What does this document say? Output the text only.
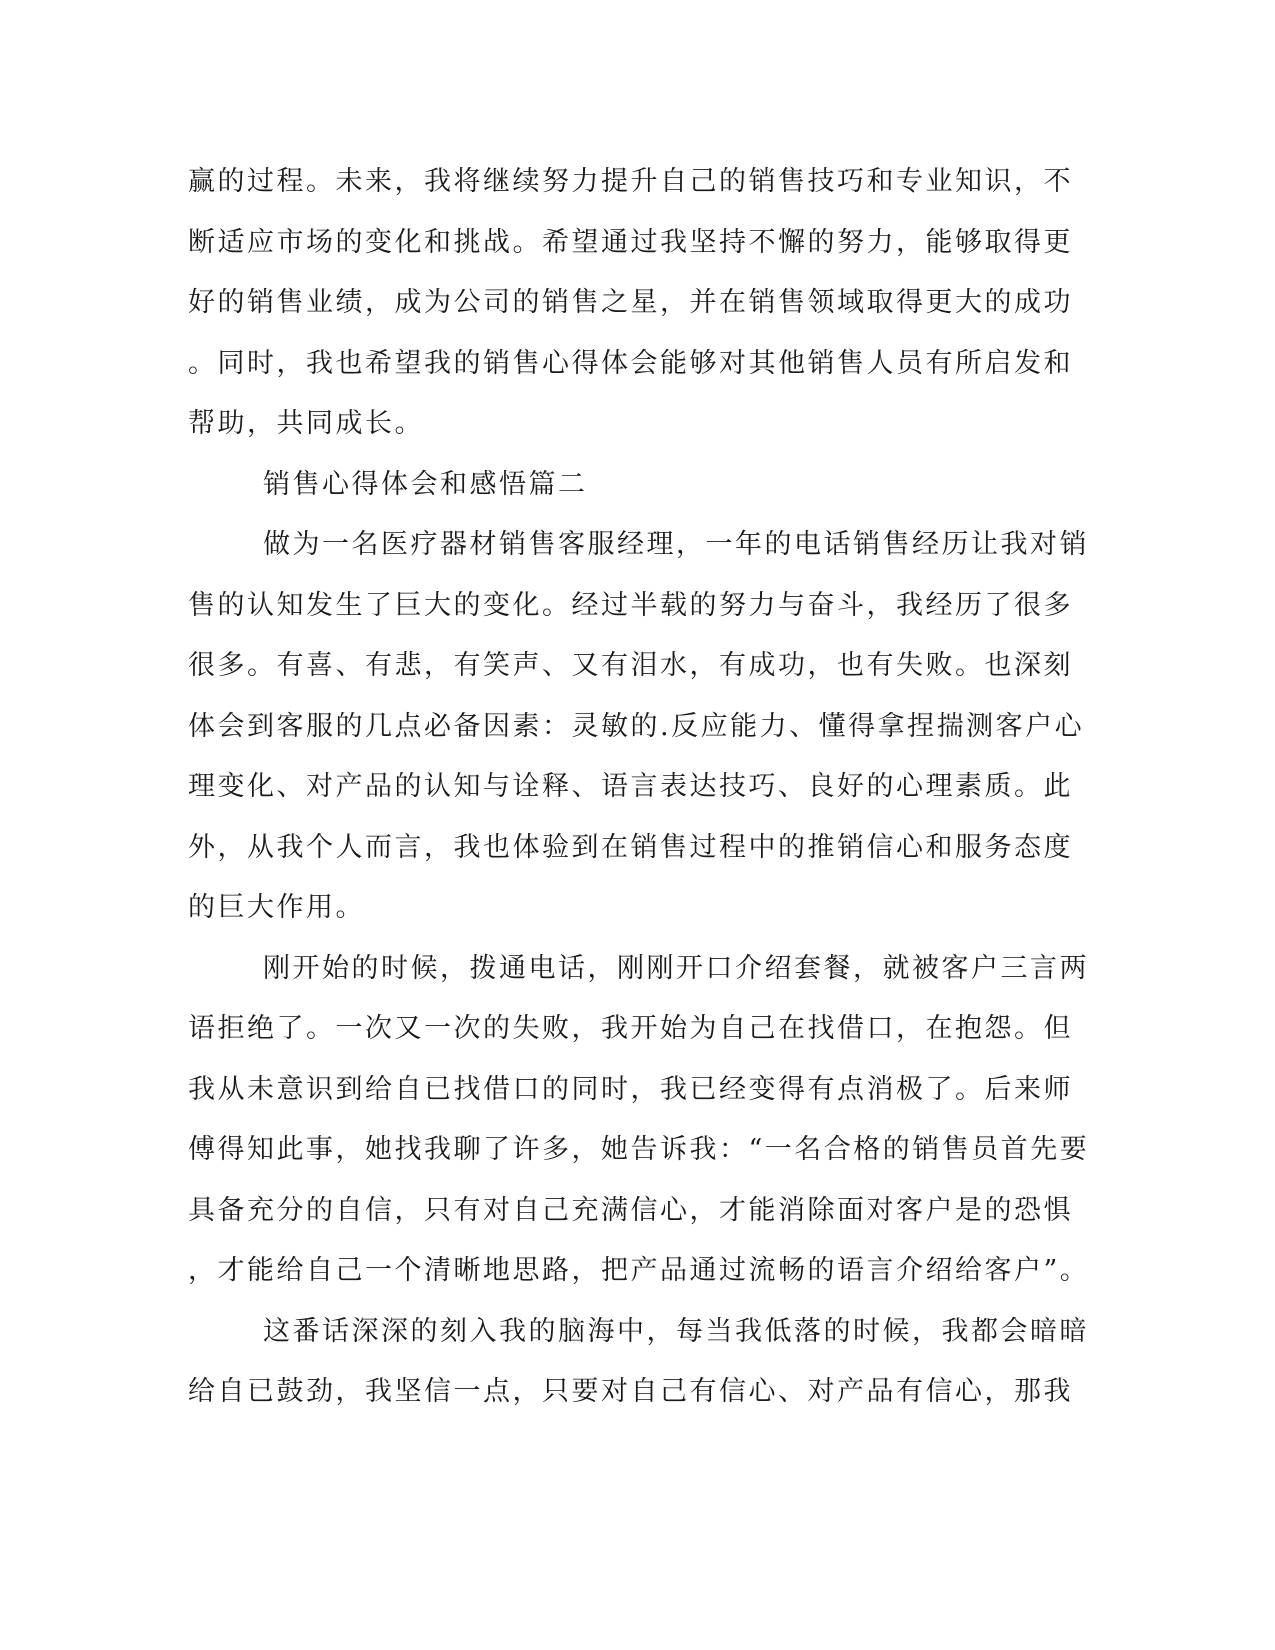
赢的过程。未来，我将继续努力提升自己的销售技巧和专业知识，不

断适应市场的变化和挑战。希望通过我坚持不懈的努力，能够取得更

好的销售业绩，成为公司的销售之星，并在销售领域取得更大的成功

。同时，我也希望我的销售心得体会能够对其他销售人员有所启发和

帮助，共同成长。

销售心得体会和感悟篇二

做为一名医疗器材销售客服经理，一年的电话销售经历让我对销

售的认知发生了巨大的变化。经过半载的努力与奋斗，我经历了很多

很多。有喜、有悲，有笑声、又有泪水，有成功，也有失败。也深刻

体会到客服的几点必备因素：灵敏的.反应能力、懂得拿捏揣测客户心

理变化、对产品的认知与诠释、语言表达技巧、良好的心理素质。此

外，从我个人而言，我也体验到在销售过程中的推销信心和服务态度

的巨大作用。

刚开始的时候，拨通电话，刚刚开口介绍套餐，就被客户三言两

语拒绝了。一次又一次的失败，我开始为自己在找借口，在抱怨。但

我从未意识到给自已找借口的同时，我已经变得有点消极了。后来师

傅得知此事，她找我聊了许多，她告诉我：“一名合格的销售员首先要

具备充分的自信，只有对自己充满信心，才能消除面对客户是的恐惧

，才能给自己一个清晰地思路，把产品通过流畅的语言介绍给客户”。

这番话深深的刻入我的脑海中，每当我低落的时候，我都会暗暗

给自已鼓劲，我坚信一点，只要对自己有信心、对产品有信心，那我
